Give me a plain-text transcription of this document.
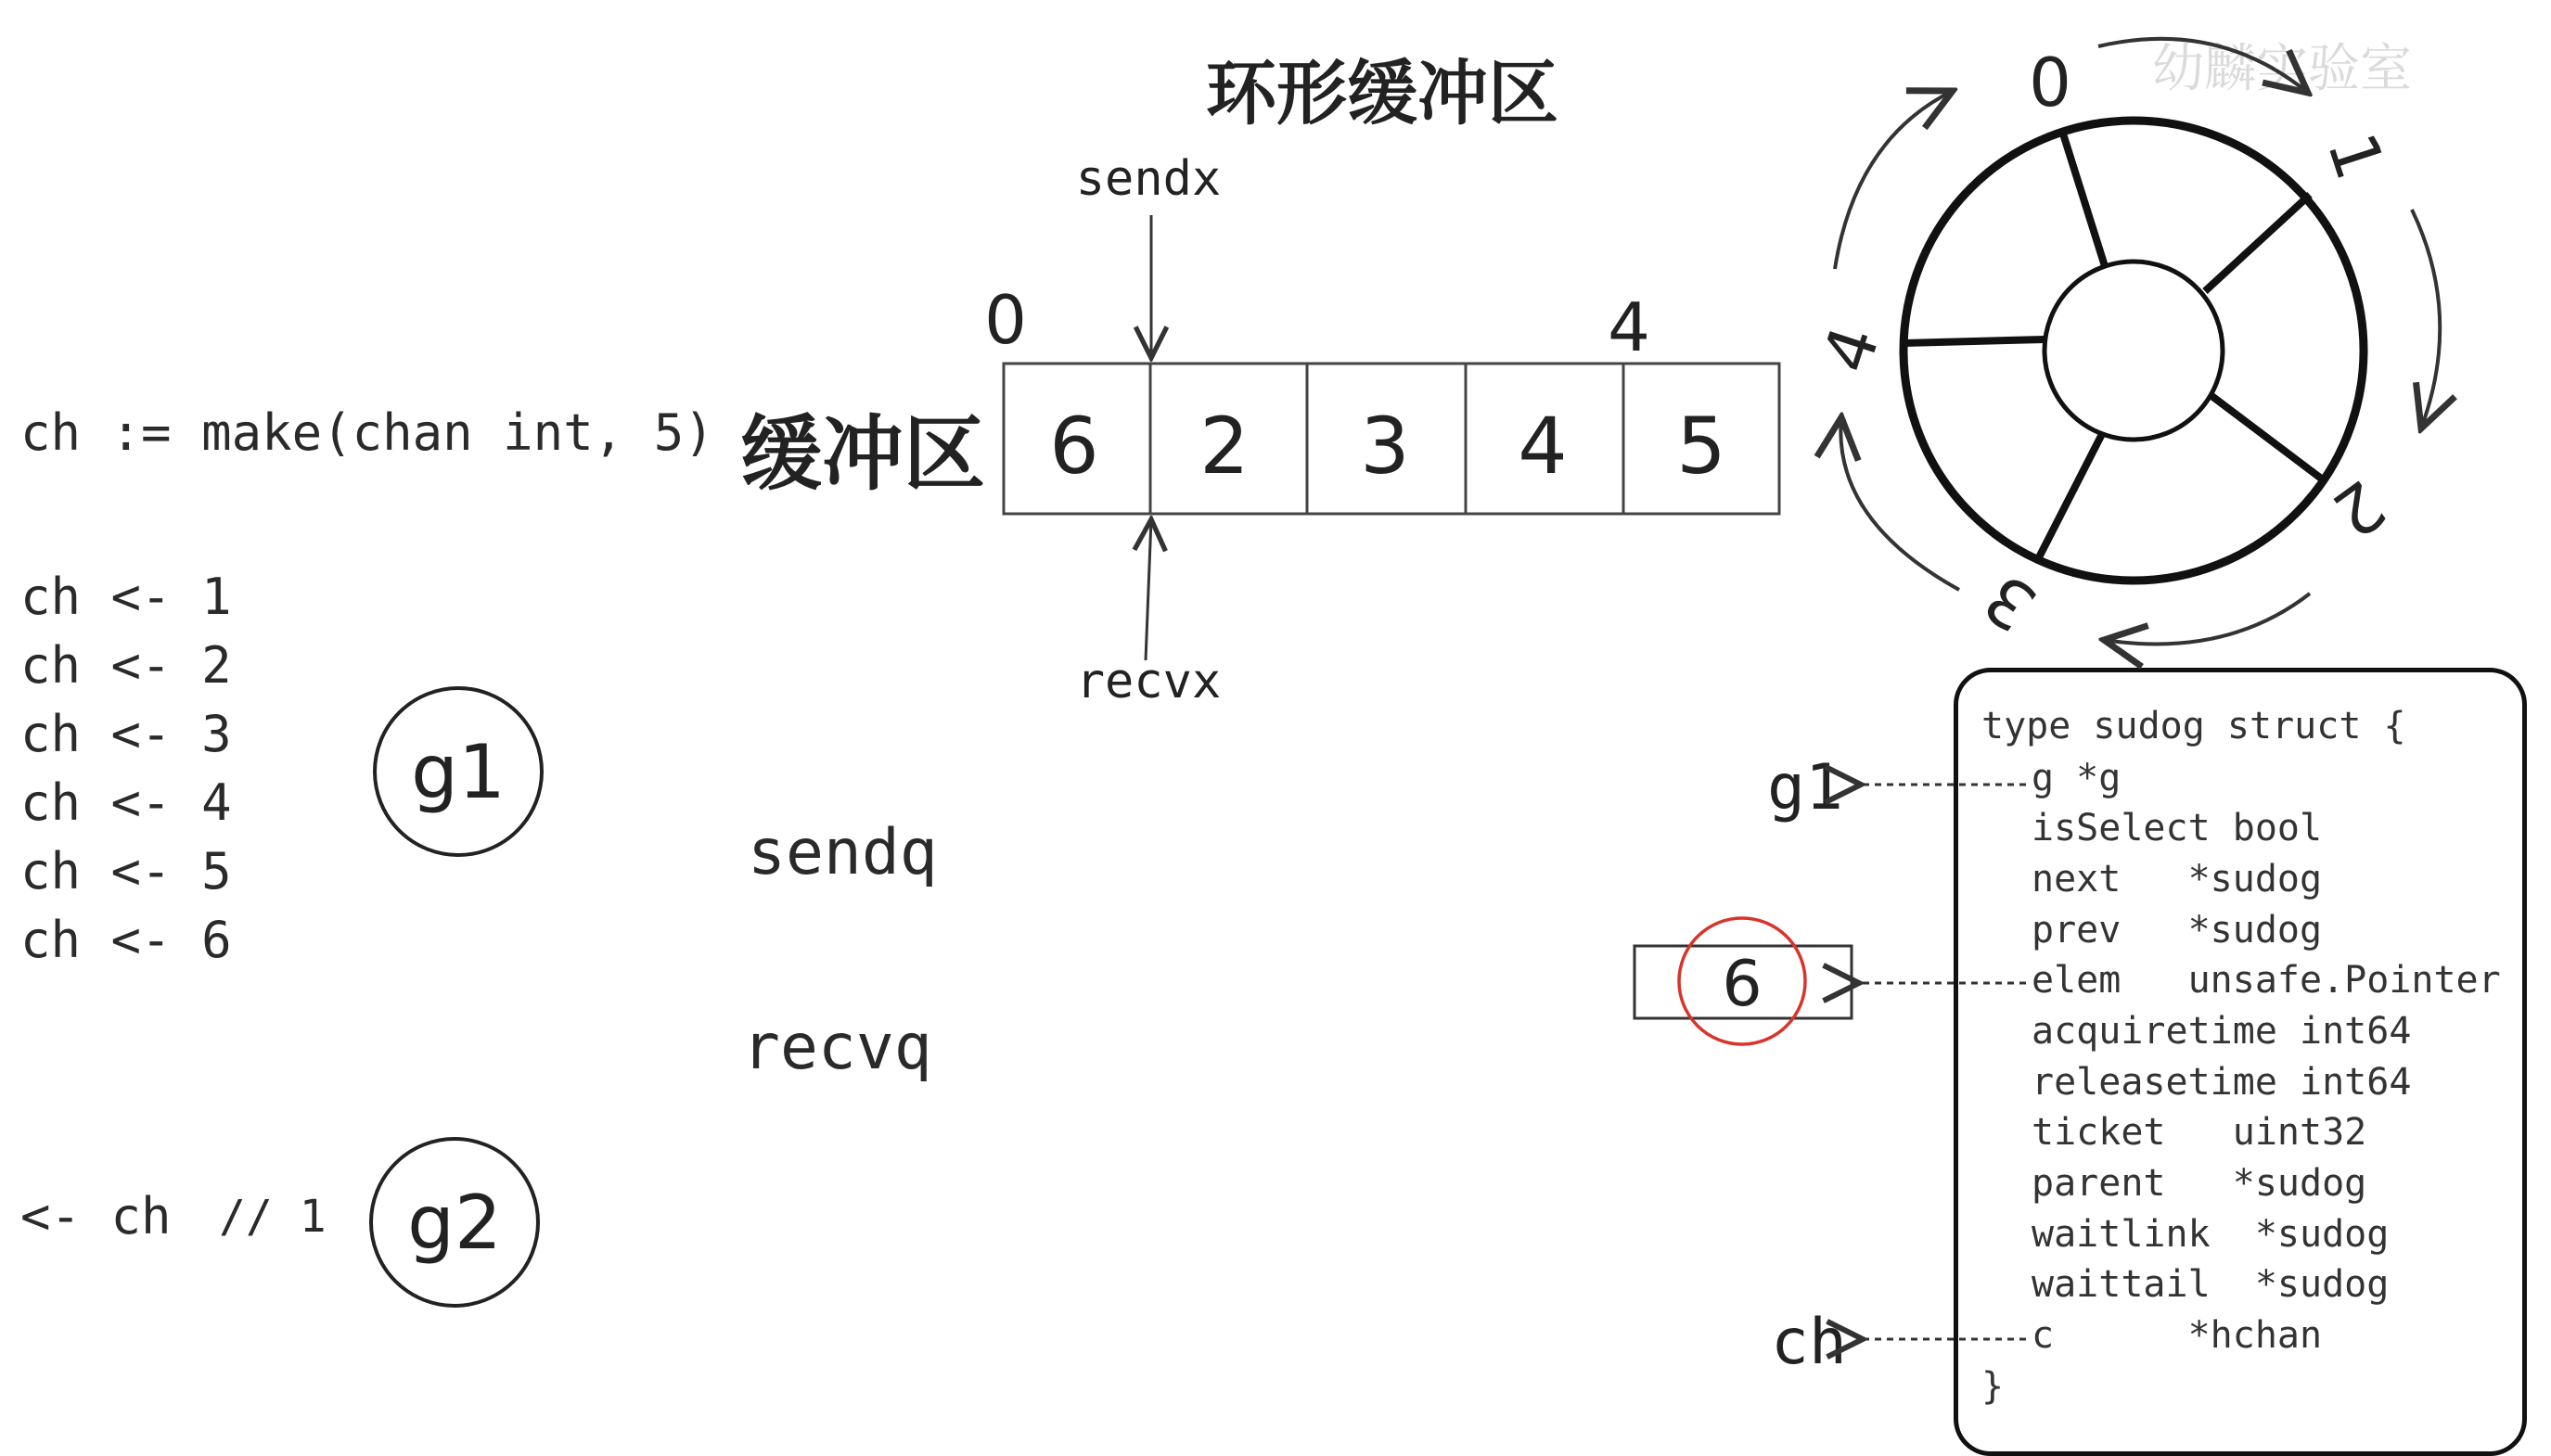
环形缓冲区	幼麟实验室
ch := make(chan int, 5)
ch <- 1
ch <- 2
ch <- 3
ch <- 4
ch <- 5
ch <- 6
<- ch // 1
缓冲区
sendq
recvq
type sudog struct {
g *g
isSelect bool
next   *sudog
prev   *sudog
elem   unsafe.Pointer
acquiretime int64
releasetime int64
ticket   uint32
parent   *sudog
waitlink  *sudog
waittail  *sudog
c      *hchan
}
6 2 3 4 5
0	4
sendx
recvx
g1
g2
0
1
2
3
4
g1
6
ch
